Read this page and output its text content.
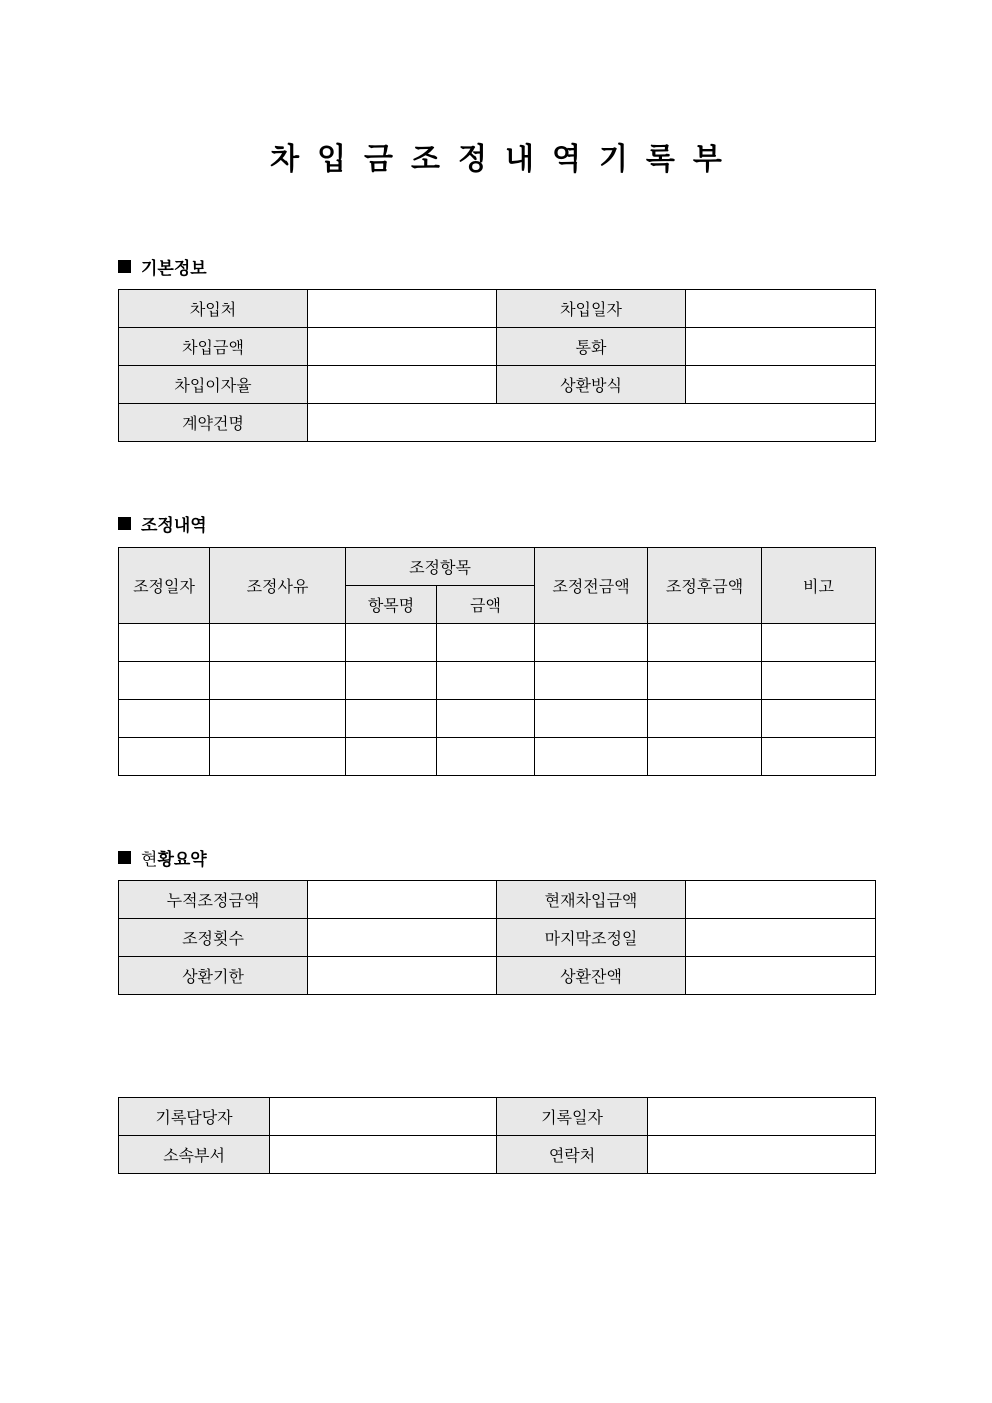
차입금조정내역기록부
기본정보
차입처		차입일자	
차입금액		통화	
차입이자율		상환방식	
계약건명			
조정내역
조정일자	조정사유	조정항목		조정전금액	조정후금액	비고
		항목명	금액			

현 황요약
누적조정금액		현재차입금액	
조정횟수		마지막조정일	
상환기한		상환잔액	
기록담당자		기록일자	
소속부서		연락처	
